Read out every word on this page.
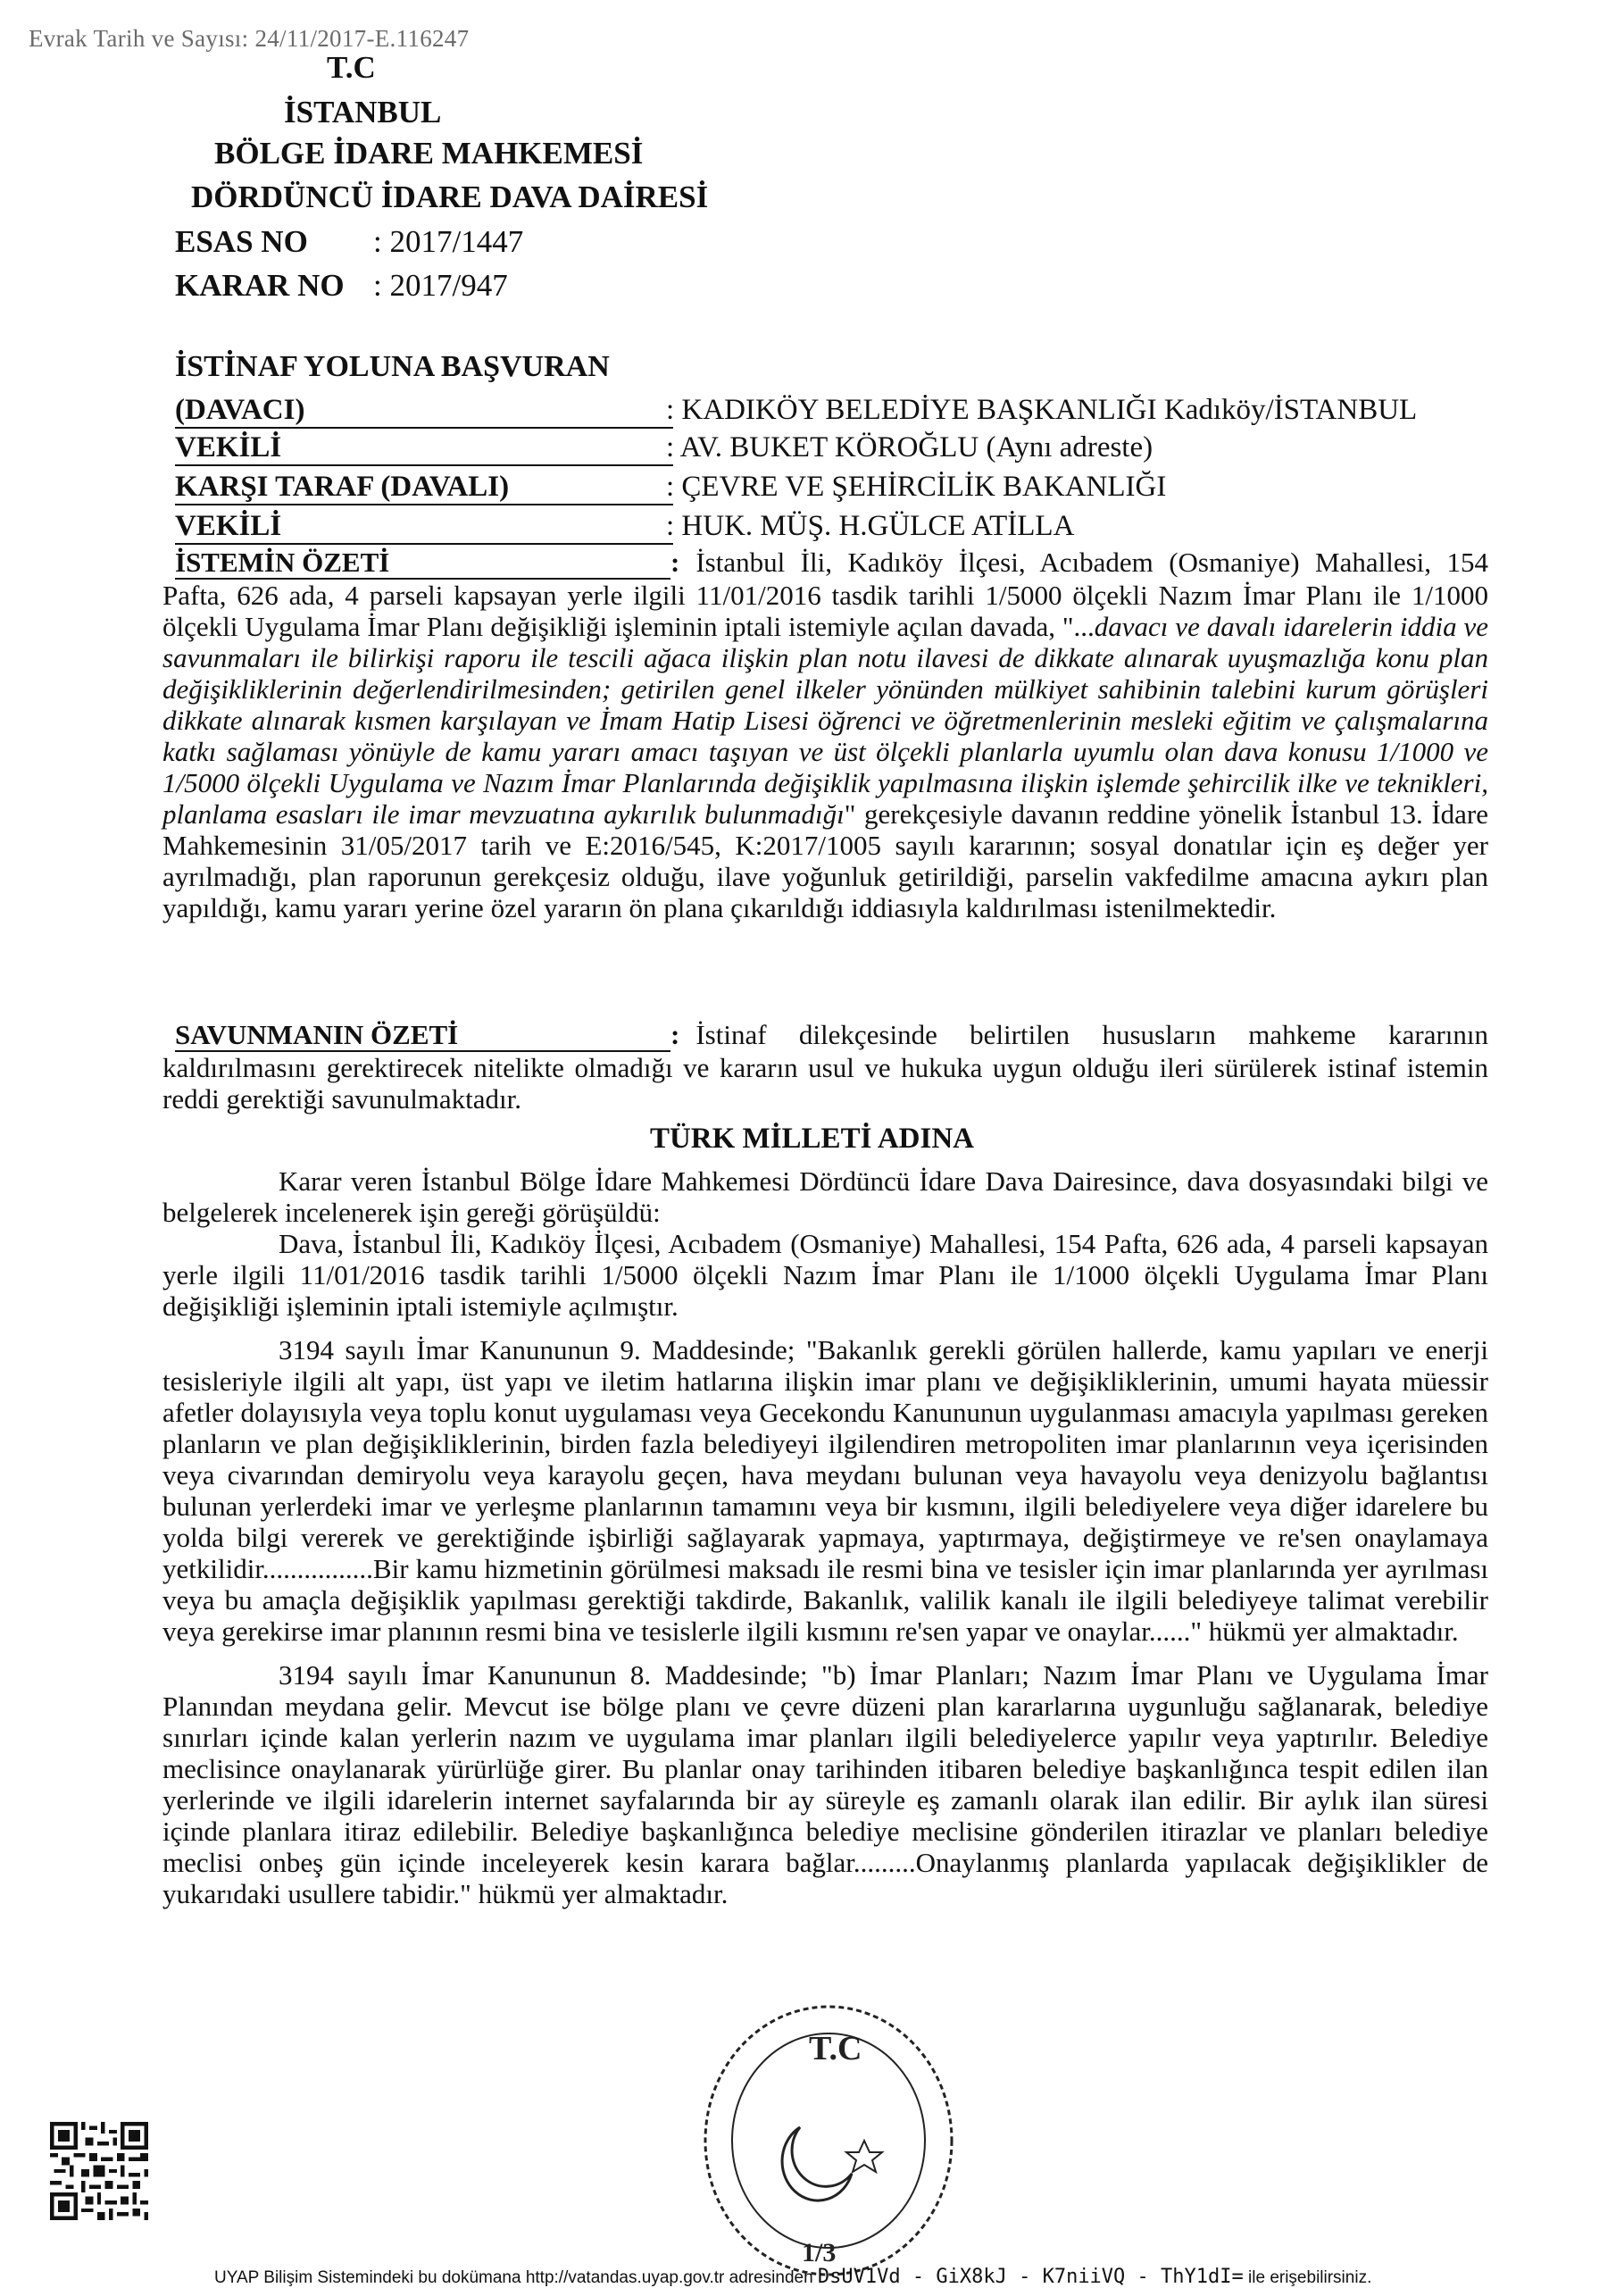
Evrak Tarih ve Sayısı: 24/11/2017-E.116247
T.C
İSTANBUL
BÖLGE İDARE MAHKEMESİ
DÖRDÜNCÜ İDARE DAVA DAİRESİ
ESAS NO : 2017/1447
KARAR NO : 2017/947
İSTİNAF YOLUNA BAŞVURAN
(DAVACI)	: KADIKÖY BELEDİYE BAŞKANLIĞI Kadıköy/İSTANBUL
VEKİLİ	: AV. BUKET KÖROĞLU (Aynı adreste)
KARŞI TARAF (DAVALI)	: ÇEVRE VE ŞEHİRCİLİK BAKANLIĞI
VEKİLİ	: HUK. MÜŞ. H.GÜLCE ATİLLA

İSTEMİN ÖZETİ	: İstanbul İli, Kadıköy İlçesi, Acıbadem (Osmaniye) Mahallesi, 154 Pafta, 626 ada, 4 parseli kapsayan yerle ilgili 11/01/2016 tasdik tarihli 1/5000 ölçekli Nazım İmar Planı ile 1/1000 ölçekli Uygulama İmar Planı değişikliği işleminin iptali istemiyle açılan davada, "...davacı ve davalı idarelerin iddia ve savunmaları ile bilirkişi raporu ile tescili ağaca ilişkin plan notu ilavesi de dikkate alınarak uyuşmazlığa konu plan değişikliklerinin değerlendirilmesinden; getirilen genel ilkeler yönünden mülkiyet sahibinin talebini kurum görüşleri dikkate alınarak kısmen karşılayan ve İmam Hatip Lisesi öğrenci ve öğretmenlerinin mesleki eğitim ve çalışmalarına katkı sağlaması yönüyle de kamu yararı amacı taşıyan ve üst ölçekli planlarla uyumlu olan dava konusu 1/1000 ve 1/5000 ölçekli Uygulama ve Nazım İmar Planlarında değişiklik yapılmasına ilişkin işlemde şehircilik ilke ve teknikleri, planlama esasları ile imar mevzuatına aykırılık bulunmadığı" gerekçesiyle davanın reddine yönelik İstanbul 13. İdare Mahkemesinin 31/05/2017 tarih ve E:2016/545, K:2017/1005 sayılı kararının; sosyal donatılar için eş değer yer ayrılmadığı, plan raporunun gerekçesiz olduğu, ilave yoğunluk getirildiği, parselin vakfedilme amacına aykırı plan yapıldığı, kamu yararı yerine özel yararın ön plana çıkarıldığı iddiasıyla kaldırılması istenilmektedir.

SAVUNMANIN ÖZETİ	: İstinaf dilekçesinde belirtilen hususların mahkeme kararının kaldırılmasını gerektirecek nitelikte olmadığı ve kararın usul ve hukuka uygun olduğu ileri sürülerek istinaf istemin reddi gerektiği savunulmaktadır.

TÜRK MİLLETİ ADINA

Karar veren İstanbul Bölge İdare Mahkemesi Dördüncü İdare Dava Dairesince, dava dosyasındaki bilgi ve belgelerek incelenerek işin gereği görüşüldü:

Dava, İstanbul İli, Kadıköy İlçesi, Acıbadem (Osmaniye) Mahallesi, 154 Pafta, 626 ada, 4 parseli kapsayan yerle ilgili 11/01/2016 tasdik tarihli 1/5000 ölçekli Nazım İmar Planı ile 1/1000 ölçekli Uygulama İmar Planı değişikliği işleminin iptali istemiyle açılmıştır.

3194 sayılı İmar Kanununun 9. Maddesinde; "Bakanlık gerekli görülen hallerde, kamu yapıları ve enerji tesisleriyle ilgili alt yapı, üst yapı ve iletim hatlarına ilişkin imar planı ve değişikliklerinin, umumi hayata müessir afetler dolayısıyla veya toplu konut uygulaması veya Gecekondu Kanununun uygulanması amacıyla yapılması gereken planların ve plan değişikliklerinin, birden fazla belediyeyi ilgilendiren metropoliten imar planlarının veya içerisinden veya civarından demiryolu veya karayolu geçen, hava meydanı bulunan veya havayolu veya denizyolu bağlantısı bulunan yerlerdeki imar ve yerleşme planlarının tamamını veya bir kısmını, ilgili belediyelere veya diğer idarelere bu yolda bilgi vererek ve gerektiğinde işbirliği sağlayarak yapmaya, yaptırmaya, değiştirmeye ve re'sen onaylamaya yetkilidir................Bir kamu hizmetinin görülmesi maksadı ile resmi bina ve tesisler için imar planlarında yer ayrılması veya bu amaçla değişiklik yapılması gerektiği takdirde, Bakanlık, valilik kanalı ile ilgili belediyeye talimat verebilir veya gerekirse imar planının resmi bina ve tesislerle ilgili kısmını re'sen yapar ve onaylar......" hükmü yer almaktadır.

3194 sayılı İmar Kanununun 8. Maddesinde; "b) İmar Planları; Nazım İmar Planı ve Uygulama İmar Planından meydana gelir. Mevcut ise bölge planı ve çevre düzeni plan kararlarına uygunluğu sağlanarak, belediye sınırları içinde kalan yerlerin nazım ve uygulama imar planları ilgili belediyelerce yapılır veya yaptırılır. Belediye meclisince onaylanarak yürürlüğe girer. Bu planlar onay tarihinden itibaren belediye başkanlığınca tespit edilen ilan yerlerinde ve ilgili idarelerin internet sayfalarında bir ay süreyle eş zamanlı olarak ilan edilir. Bir aylık ilan süresi içinde planlara itiraz edilebilir. Belediye başkanlığınca belediye meclisine gönderilen itirazlar ve planları belediye meclisi onbeş gün içinde inceleyerek kesin karara bağlar.........Onaylanmış planlarda yapılacak değişiklikler de yukarıdaki usullere tabidir." hükmü yer almaktadır.

T.C
1/3
UYAP Bilişim Sistemindeki bu dokümana http://vatandas.uyap.gov.tr adresinden DsUV1Vd - GiX8kJ - K7niiVQ - ThY1dI= ile erişebilirsiniz.
